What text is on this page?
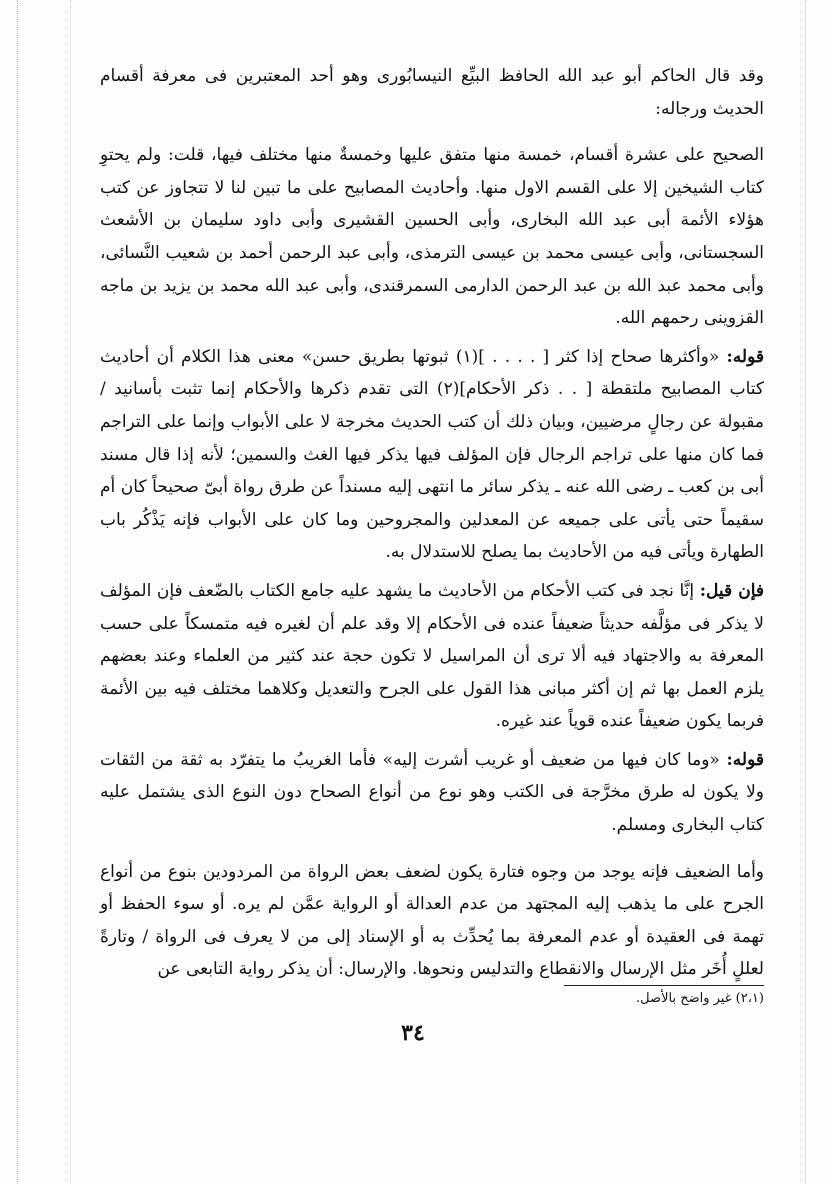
وقد قال الحاكم أبو عبد الله الحافظ البيِّع النيسابُورى وهو أحد المعتبرين فى معرفة أقسام الحديث ورجاله:

الصحيح على عشرة أقسام، خمسة منها متفق عليها وخمسةٌ منها مختلف فيها، قلت: ولم يحتوِ كتاب الشيخين إلا على القسم الاول منها. وأحاديث المصابيح على ما تبين لنا لا تتجاوز عن كتب هؤلاء الأئمة أبى عبد الله البخارى، وأبى الحسين القشيرى وأبى داود سليمان بن الأشعث السجستانى، وأبى عيسى محمد بن عيسى الترمذى، وأبى عبد الرحمن أحمد بن شعيب النَّسائى، وأبى محمد عبد الله بن عبد الرحمن الدارمى السمرقندى، وأبى عبد الله محمد بن يزيد بن ماجه القزوينى رحمهم الله.

قوله: «وأكثرها صحاح إذا كثر [ . . . . ](١) ثبوتها بطريق حسن» معنى هذا الكلام أن أحاديث كتاب المصابيح ملتقطة [ . . ذكر الأحكام](٢) التى تقدم ذكرها والأحكام إنما تثبت بأسانيد / مقبولة عن رجالٍ مرضيين، وبيان ذلك أن كتب الحديث مخرجة لا على الأبواب وإنما على التراجم فما كان منها على تراجم الرجال فإن المؤلف فيها يذكر فيها الغث والسمين؛ لأنه إذا قال مسند أبى بن كعب ـ رضى الله عنه ـ يذكر سائر ما انتهى إليه مسنداً عن طرق رواة أبىّ صحيحاً كان أم سقيماً حتى يأتى على جميعه عن المعدلين والمجروحين وما كان على الأبواب فإنه يَذْكُر باب الطهارة ويأتى فيه من الأحاديث بما يصلح للاستدلال به.

فإن قيل: إنَّا نجد فى كتب الأحكام من الأحاديث ما يشهد عليه جامع الكتاب بالضّعف فإن المؤلف لا يذكر فى مؤلَّفه حديثاً ضعيفاً عنده فى الأحكام إلا وقد علم أن لغيره فيه متمسكاً على حسب المعرفة به والاجتهاد فيه ألا ترى أن المراسيل لا تكون حجة عند كثير من العلماء وعند بعضهم يلزم العمل بها ثم إن أكثر مبانى هذا القول على الجرح والتعديل وكلاهما مختلف فيه بين الأئمة فربما يكون ضعيفاً عنده قوياً عند غيره.

قوله: «وما كان فيها من ضعيف أو غريب أشرت إليه» فأما الغريبُ ما يتفرّد به ثقة من الثقات ولا يكون له طرق مخرَّجة فى الكتب وهو نوع من أنواع الصحاح دون النوع الذى يشتمل عليه كتاب البخارى ومسلم.

وأما الضعيف فإنه يوجد من وجوه فتارة يكون لضعف بعض الرواة من المردودين بنوع من أنواع الجرح على ما يذهب إليه المجتهد من عدم العدالة أو الرواية عمَّن لم يره. أو سوء الحفظ أو تهمة فى العقيدة أو عدم المعرفة بما يُحدِّث به أو الإسناد إلى من لا يعرف فى الرواة / وتارةً لعللٍ أُخَر مثل الإرسال والانقطاع والتدليس ونحوها. والإرسال: أن يذكر رواية التابعى عن

(٢،١) غير واضح بالأصل.
٣٤
